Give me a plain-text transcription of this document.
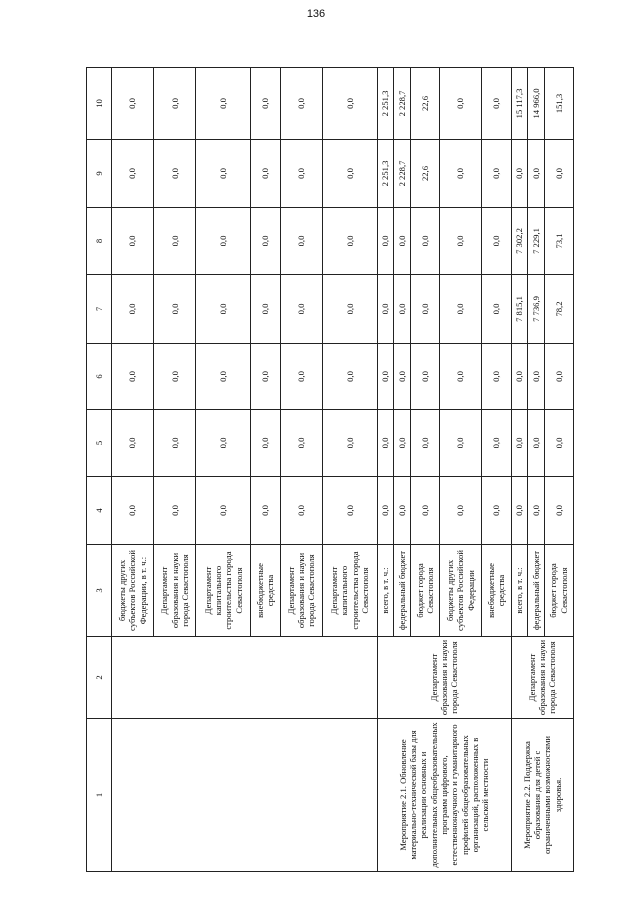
136
1	2	3	4	5	6	7	8	9	10
		бюджеты других субъектов Российской Федерации, в т. ч.:	0,0	0,0	0,0	0,0	0,0	0,0	0,0
		Департамент образования и науки города Севастополя	0,0	0,0	0,0	0,0	0,0	0,0	0,0
		Департамент капитального строительства города Севастополя	0,0	0,0	0,0	0,0	0,0	0,0	0,0
		внебюджетные средства	0,0	0,0	0,0	0,0	0,0	0,0	0,0
		Департамент образования и науки города Севастополя	0,0	0,0	0,0	0,0	0,0	0,0	0,0
		Департамент капитального строительства города Севастополя	0,0	0,0	0,0	0,0	0,0	0,0	0,0
Мероприятие 2.1. Обновление материально-технической базы для реализации основных и дополнительных общеобразовательных программ цифрового, естественнонаучного и гуманитарного профилей общеобразовательных организаций, расположенных в сельской местности	Департамент образования и науки города Севастополя	всего, в т. ч.:	0,0	0,0	0,0	0,0	0,0	2 251,3	2 251,3
		федеральный бюджет	0,0	0,0	0,0	0,0	0,0	2 228,7	2 228,7
		бюджет города Севастополя	0,0	0,0	0,0	0,0	0,0	22,6	22,6
		бюджеты других субъектов Российской Федерации	0,0	0,0	0,0	0,0	0,0	0,0	0,0
		внебюджетные средства	0,0	0,0	0,0	0,0	0,0	0,0	0,0
Мероприятие 2.2. Поддержка образования для детей с ограниченными возможностями здоровья.	Департамент образования и науки города Севастополя	всего, в т. ч.:	0,0	0,0	0,0	7 815,1	7 302,2	0,0	15 117,3
		федеральный бюджет	0,0	0,0	0,0	7 736,9	7 229,1	0,0	14 966,0
		бюджет города Севастополя	0,0	0,0	0,0	78,2	73,1	0,0	151,3
